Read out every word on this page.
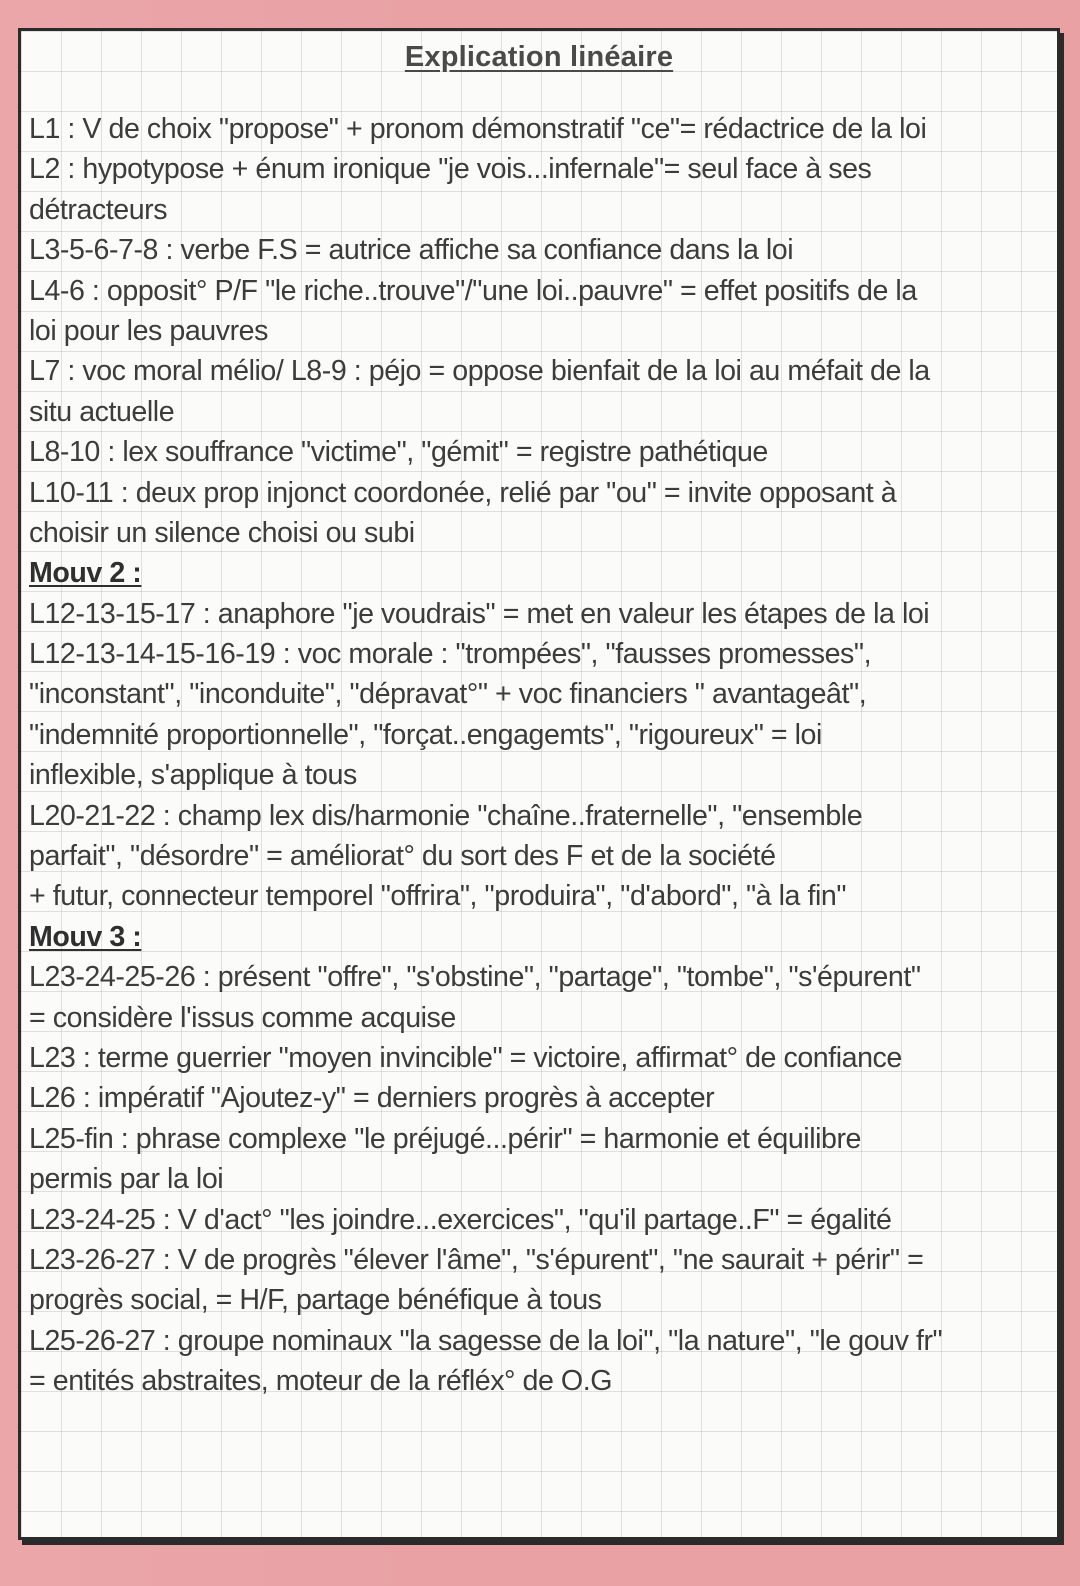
Explication linéaire
L1 : V de choix "propose" + pronom démonstratif "ce"= rédactrice de la loi
L2 : hypotypose + énum ironique "je vois...infernale"= seul face à ses
détracteurs
L3-5-6-7-8 : verbe F.S = autrice affiche sa confiance dans la loi
L4-6 : opposit° P/F "le riche..trouve"/"une loi..pauvre" = effet positifs de la
loi pour les pauvres
L7 : voc moral mélio/ L8-9 : péjo = oppose bienfait de la loi au méfait de la
situ actuelle
L8-10 : lex souffrance "victime", "gémit" = registre pathétique
L10-11 : deux prop injonct coordonée, relié par "ou" = invite opposant à
choisir un silence choisi ou subi
Mouv 2 :
L12-13-15-17 : anaphore "je voudrais" = met en valeur les étapes de la loi
L12-13-14-15-16-19 : voc morale : "trompées", "fausses promesses",
"inconstant", "inconduite", "dépravat°" + voc financiers " avantageât",
"indemnité proportionnelle", "forçat..engagemts", "rigoureux" = loi
inflexible, s'applique à tous
L20-21-22 : champ lex dis/harmonie "chaîne..fraternelle", "ensemble
parfait", "désordre" = améliorat° du sort des F et de la société
+ futur, connecteur temporel "offrira", "produira", "d'abord", "à la fin"
Mouv 3 :
L23-24-25-26 : présent "offre", "s'obstine", "partage", "tombe", "s'épurent"
= considère l'issus comme acquise
L23 : terme guerrier "moyen invincible" = victoire, affirmat° de confiance
L26 : impératif "Ajoutez-y" = derniers progrès à accepter
L25-fin : phrase complexe "le préjugé...périr" = harmonie et équilibre
permis par la loi
L23-24-25 : V d'act° "les joindre...exercices", "qu'il partage..F" = égalité
L23-26-27 : V de progrès "élever l'âme", "s'épurent", "ne saurait + périr" =
progrès social, = H/F, partage bénéfique à tous
L25-26-27 : groupe nominaux "la sagesse de la loi", "la nature", "le gouv fr"
= entités abstraites, moteur de la réfléx° de O.G
